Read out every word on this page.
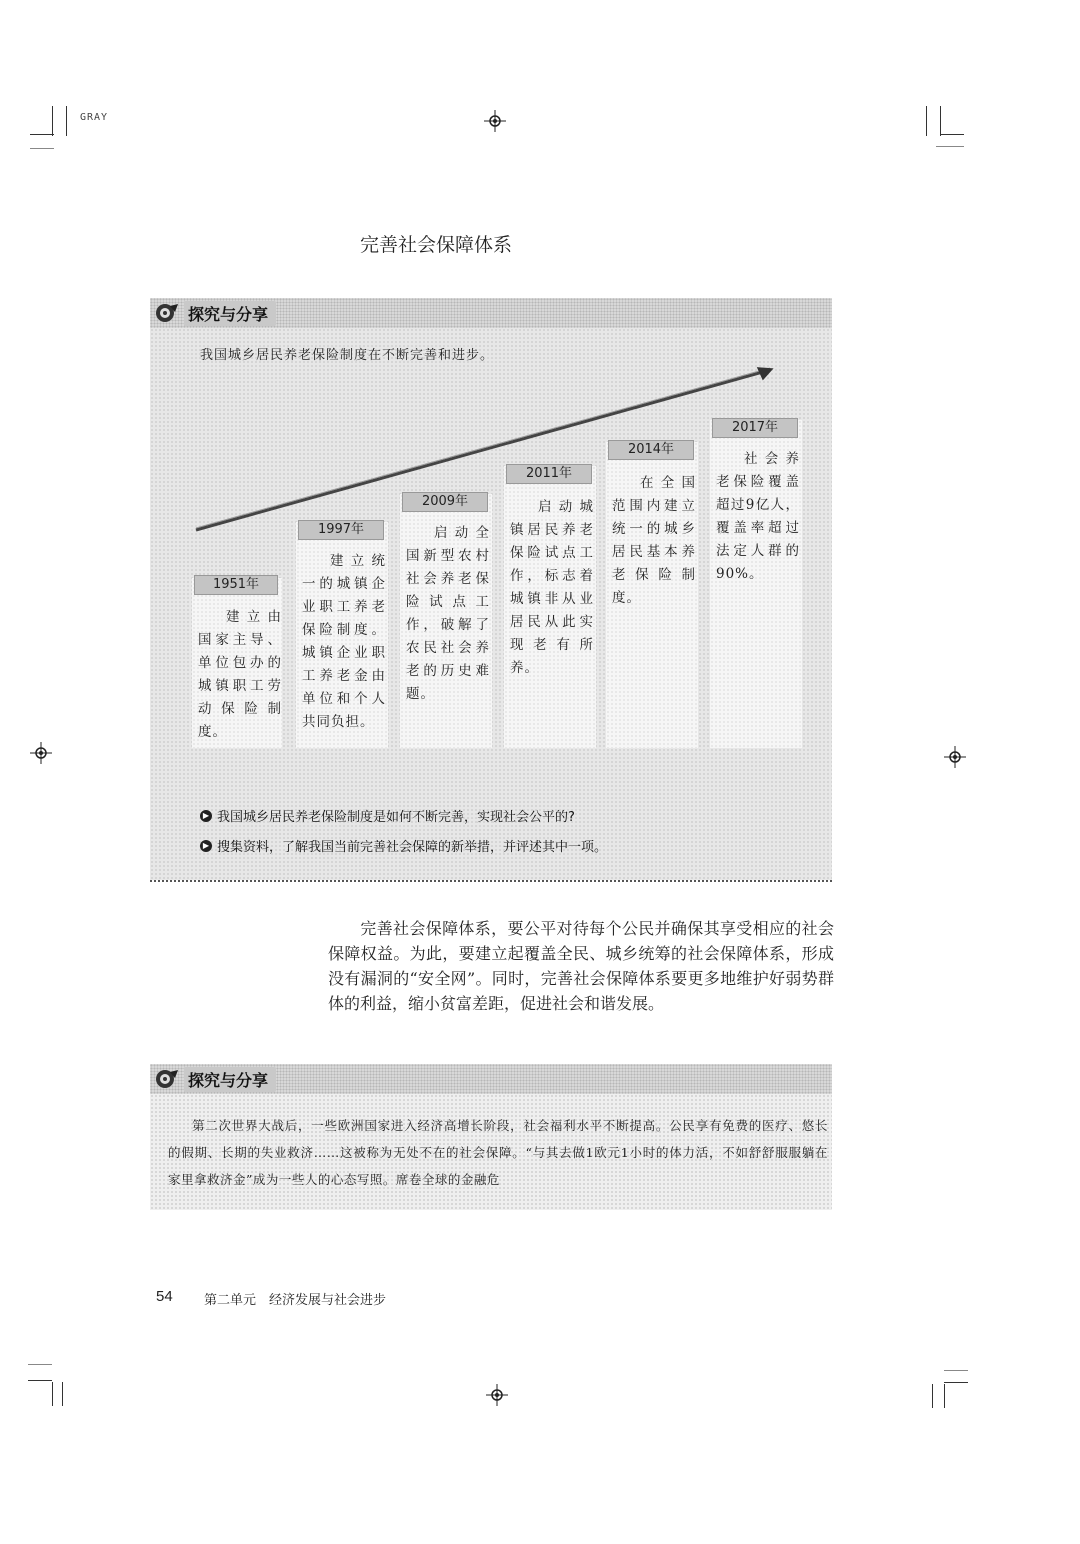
GRAY
完善社会保障体系
探究与分享
我国城乡居民养老保险制度在不断完善和进步。
1951年
建立由国家主导、单位包办的城镇职工劳动保险制度。
1997年
建立统一的城镇企业职工养老保险制度。城镇企业职工养老金由单位和个人共同负担。
2009年
启动全国新型农村社会养老保险试点工作，破解了农民社会养老的历史难题。
2011年
启动城镇居民养老保险试点工作，标志着城镇非从业居民从此实现老有所养。
2014年
在全国范围内建立统一的城乡居民基本养老保险制度。
2017年
社会养老保险覆盖超过9亿人，覆盖率超过法定人群的90%。
▶ 我国城乡居民养老保险制度是如何不断完善，实现社会公平的?
▶ 搜集资料，了解我国当前完善社会保障的新举措，并评述其中一项。
完善社会保障体系，要公平对待每个公民并确保其享受相应的社会保障权益。为此，要建立起覆盖全民、城乡统筹的社会保障体系，形成没有漏洞的“安全网”。同时，完善社会保障体系要更多地维护好弱势群体的利益，缩小贫富差距，促进社会和谐发展。
探究与分享
第二次世界大战后，一些欧洲国家进入经济高增长阶段，社会福利水平不断提高。公民享有免费的医疗、悠长的假期、长期的失业救济……这被称为无处不在的社会保障。“与其去做1欧元1小时的体力活，不如舒舒服服躺在家里拿救济金”成为一些人的心态写照。席卷全球的金融危
54 第二单元　经济发展与社会进步
